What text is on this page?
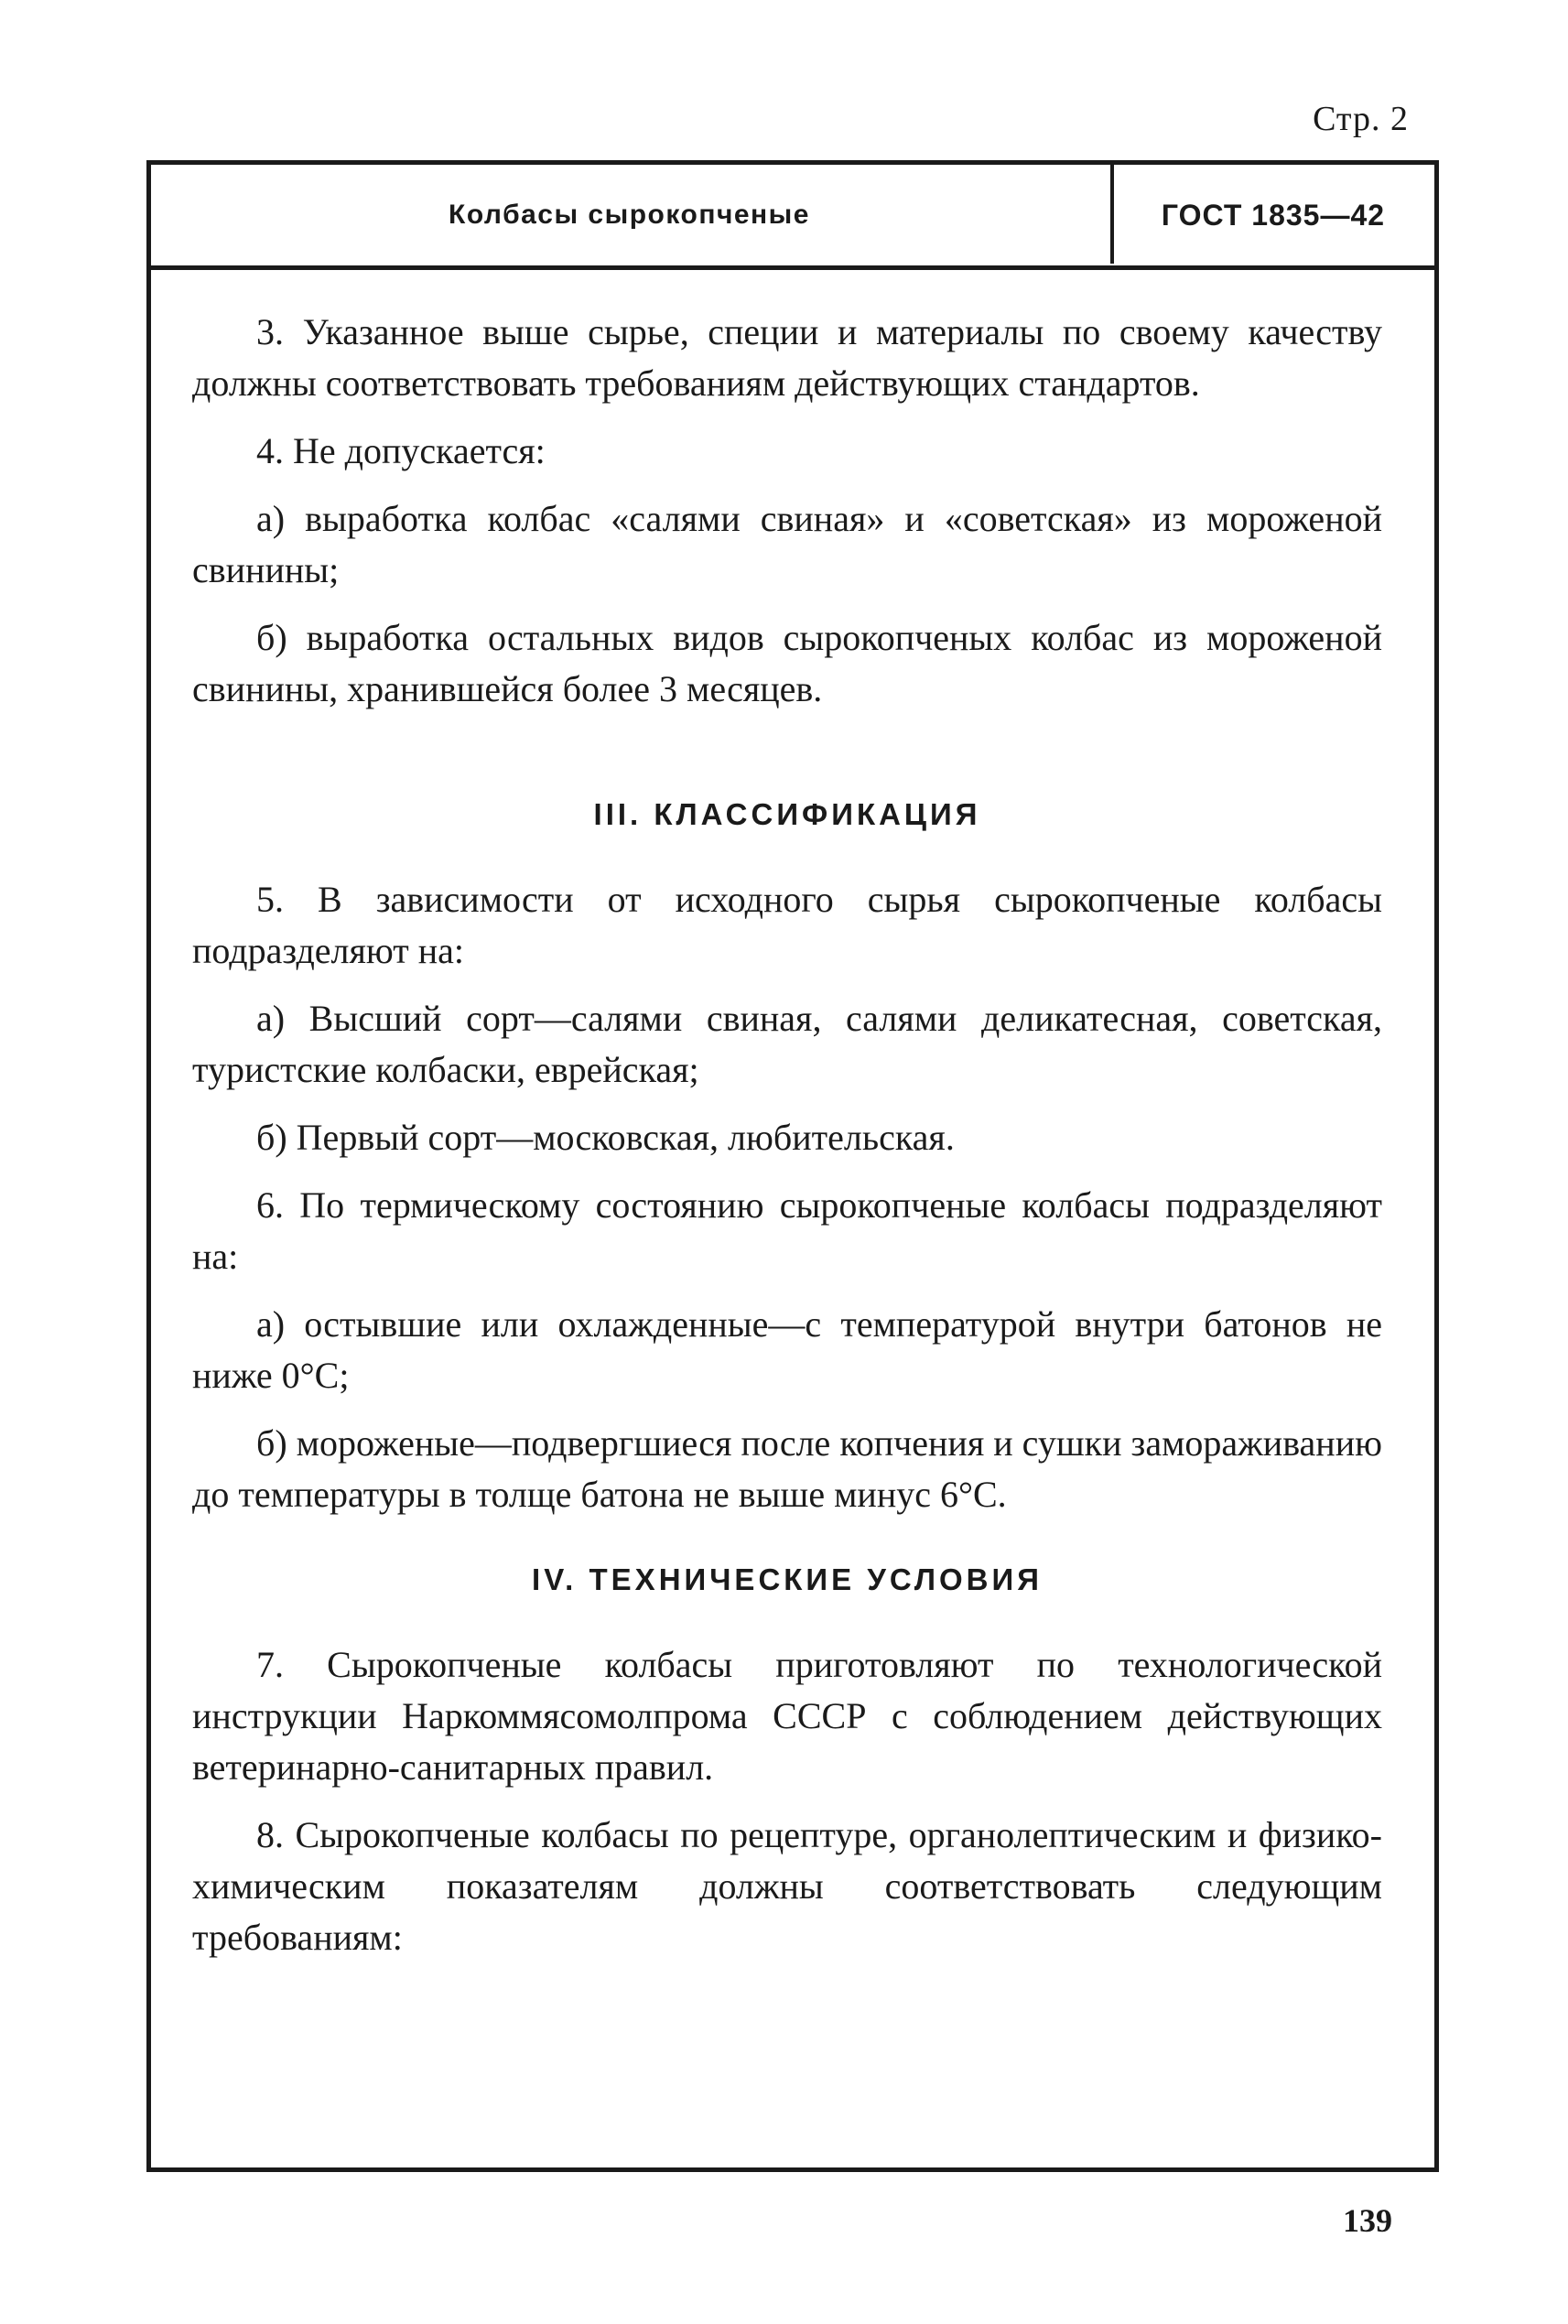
Стр. 2
Колбасы сырокопченые	ГОСТ 1835—42

3. Указанное выше сырье, специи и материалы по своему качеству должны соответствовать требованиям действующих стандартов.

4. Не допускается:

а) выработка колбас «салями свиная» и «советская» из мороженой свинины;

б) выработка остальных видов сырокопченых колбас из мороженой свинины, хранившейся более 3 месяцев.

III. КЛАССИФИКАЦИЯ

5. В зависимости от исходного сырья сырокопченые колбасы подразделяют на:

а) Высший сорт—салями свиная, салями деликатесная, советская, туристские колбаски, еврейская;

б) Первый сорт—московская, любительская.

6. По термическому состоянию сырокопченые колбасы подразделяют на:

а) остывшие или охлажденные—с температурой внутри батонов не ниже 0°С;

б) мороженые—подвергшиеся после копчения и сушки замораживанию до температуры в толще батона не выше минус 6°С.

IV. ТЕХНИЧЕСКИЕ УСЛОВИЯ

7. Сырокопченые колбасы приготовляют по технологической инструкции Наркоммясомолпрома СССР с соблюдением действующих ветеринарно-санитарных правил.

8. Сырокопченые колбасы по рецептуре, органолептическим и физико-химическим показателям должны соответствовать следующим требованиям:

139
